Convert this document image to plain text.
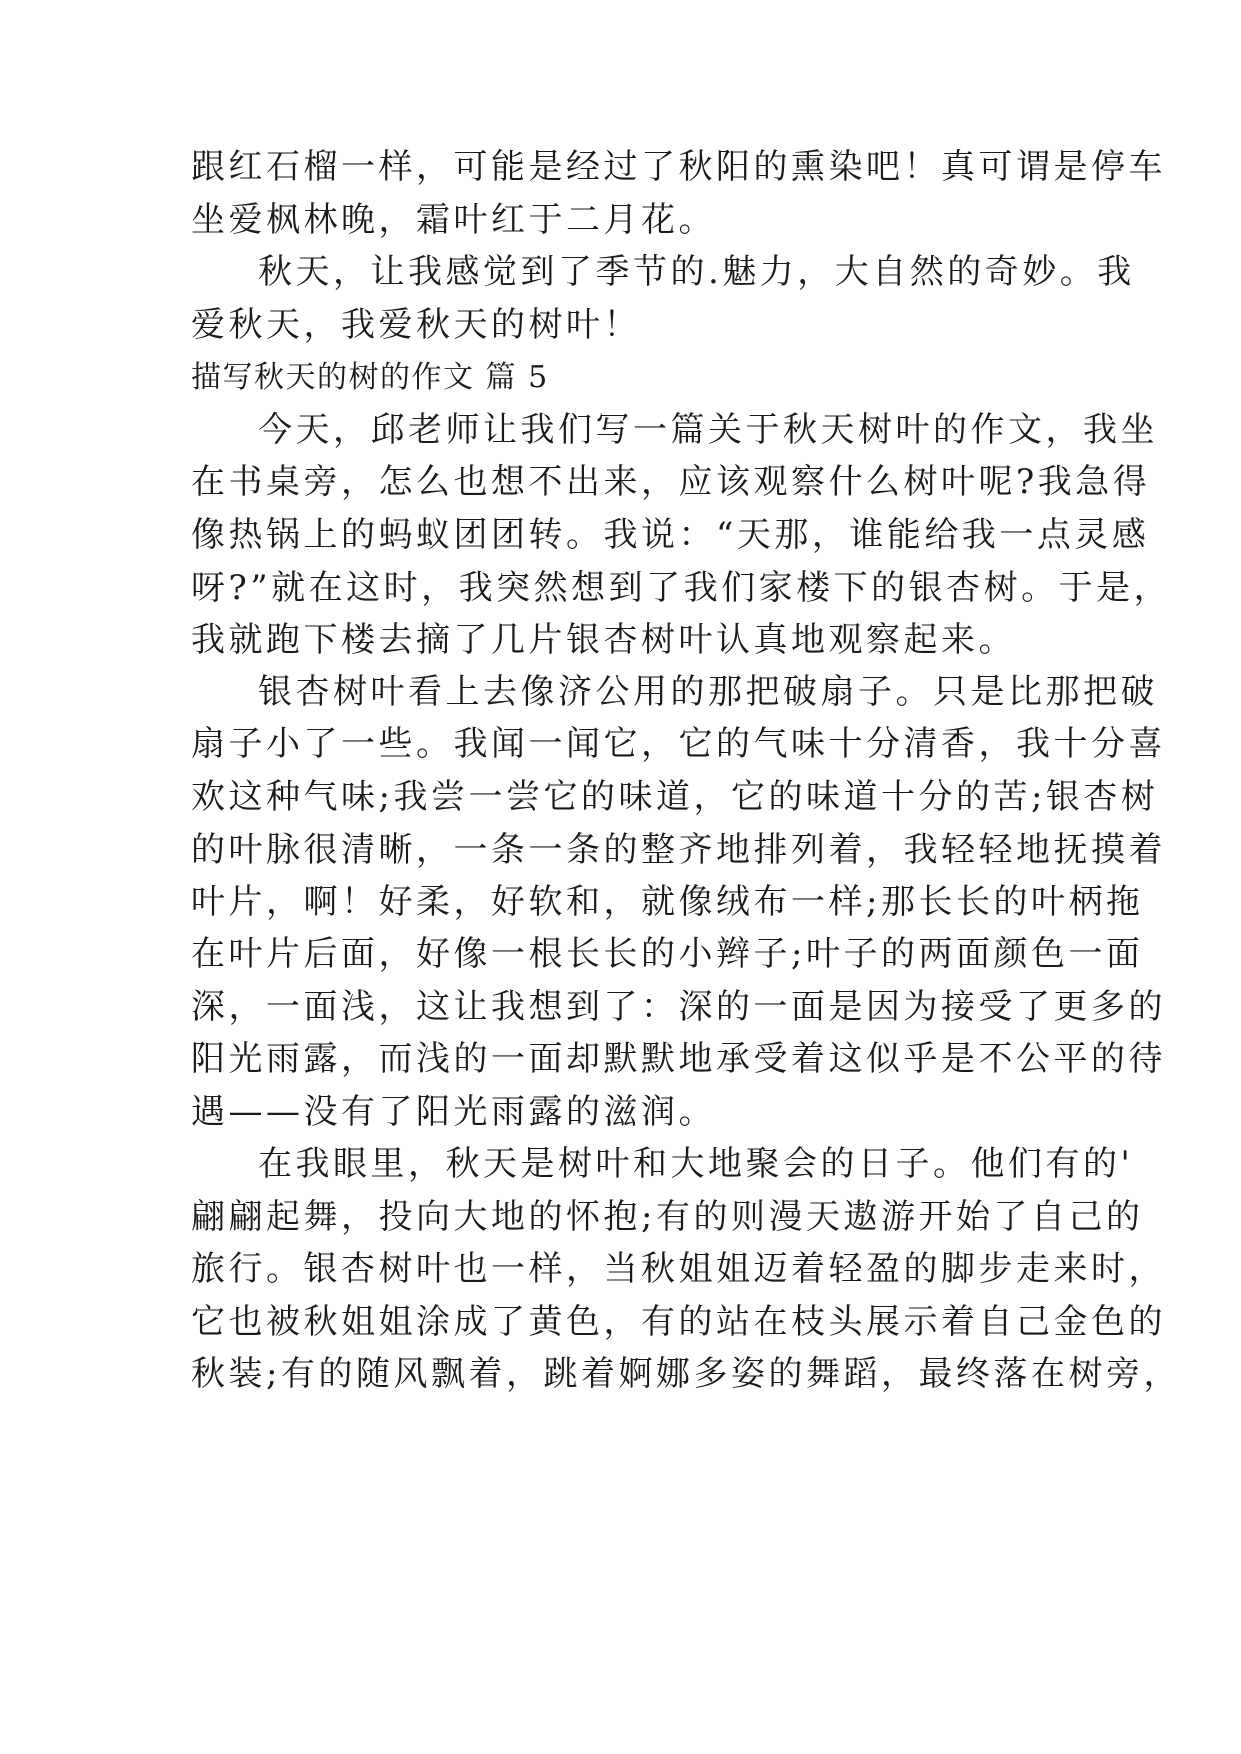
跟红石榴一样，可能是经过了秋阳的熏染吧！真可谓是停车
坐爱枫林晚，霜叶红于二月花。
秋天，让我感觉到了季节的.魅力，大自然的奇妙。我
爱秋天，我爱秋天的树叶！
描写秋天的树的作文 篇 5
今天，邱老师让我们写一篇关于秋天树叶的作文，我坐
在书桌旁，怎么也想不出来，应该观察什么树叶呢?我急得
像热锅上的蚂蚁团团转。我说：“天那，谁能给我一点灵感
呀?”就在这时，我突然想到了我们家楼下的银杏树。于是，
我就跑下楼去摘了几片银杏树叶认真地观察起来。
银杏树叶看上去像济公用的那把破扇子。只是比那把破
扇子小了一些。我闻一闻它，它的气味十分清香，我十分喜
欢这种气味;我尝一尝它的味道，它的味道十分的苦;银杏树
的叶脉很清晰，一条一条的整齐地排列着，我轻轻地抚摸着
叶片，啊！好柔，好软和，就像绒布一样;那长长的叶柄拖
在叶片后面，好像一根长长的小辫子;叶子的两面颜色一面
深，一面浅，这让我想到了：深的一面是因为接受了更多的
阳光雨露，而浅的一面却默默地承受着这似乎是不公平的待
遇——没有了阳光雨露的滋润。
在我眼里，秋天是树叶和大地聚会的日子。他们有的'
翩翩起舞，投向大地的怀抱;有的则漫天遨游开始了自己的
旅行。银杏树叶也一样，当秋姐姐迈着轻盈的脚步走来时，
它也被秋姐姐涂成了黄色，有的站在枝头展示着自己金色的
秋装;有的随风飘着，跳着婀娜多姿的舞蹈，最终落在树旁，
